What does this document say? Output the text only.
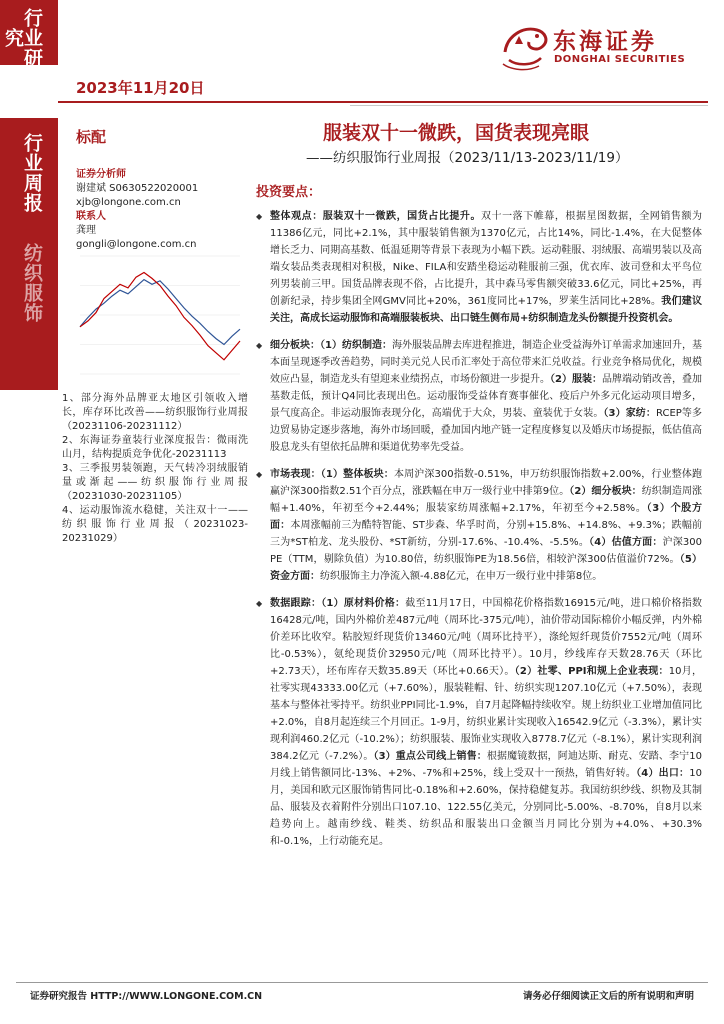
行业研究
行业周报
纺织服饰
2023年11月20日
东海证券
DONGHAI SECURITIES
标配
证券分析师
谢建斌 S0630522020001
xjb@longone.com.cn
联系人
龚理
gongli@longone.com.cn

1、部分海外品牌亚太地区引领收入增长，库存环比改善——纺织服饰行业周报（20231106-20231112）

2、东海证券童装行业深度报告：微雨洗山月，结构提质竞争优化-20231113

3、三季报男装领跑，天气转冷羽绒服销量或渐起——纺织服饰行业周报（20231030-20231105）

4、运动服饰流水稳健，关注双十一——纺织服饰行业周报（20231023-20231029）

服装双十一微跌，国货表现亮眼
——纺织服饰行业周报（2023/11/13-2023/11/19）
投资要点：
◆ 整体观点：服装双十一微跌，国货占比提升。双十一落下帷幕，根据星图数据，全网销售额为11386亿元，同比+2.1%，其中服装销售额为1370亿元，占比14%，同比-1.4%，在大促整体增长乏力、同期高基数、低温延期等背景下表现为小幅下跌。运动鞋服、羽绒服、高端男装以及高端女装品类表现相对积极，Nike、FILA和安踏坐稳运动鞋服前三强，优衣库、波司登和太平鸟位列男装前三甲。国货品牌表现不俗，占比提升，其中森马零售额突破33.6亿元，同比+25%，再创新纪录，持步集团全网GMV同比+20%，361度同比+17%，罗莱生活同比+28%。我们建议关注，高成长运动服饰和高端服装板块、出口链生侧布局+纺织制造龙头份额提升投资机会。
◆ 细分板块：（1）纺织制造：海外服装品牌去库进程推进，制造企业受益海外订单需求加速回升，基本面呈现逐季改善趋势，同时美元兑人民币汇率处于高位带来汇兑收益。行业竞争格局优化，规模效应凸显，制造龙头有望迎来业绩拐点，市场份额进一步提升。（2）服装：品牌端动销改善，叠加基数走低，预计Q4同比表现出色。运动服饰受益体育赛事催化、疫后户外多元化运动项目增多，景气度高企。非运动服饰表现分化，高端优于大众，男装、童装优于女装。（3）家纺：RCEP等多边贸易协定逐步落地，海外市场回暖，叠加国内地产链一定程度修复以及婚庆市场提振，低估值高股息龙头有望依托品牌和渠道优势率先受益。
◆ 市场表现：（1）整体板块：本周沪深300指数-0.51%，申万纺织服饰指数+2.00%，行业整体跑赢沪深300指数2.51个百分点，涨跌幅在申万一级行业中排第9位。（2）细分板块：纺织制造周涨幅+1.40%，年初至今+2.44%；服装家纺周涨幅+2.17%，年初至今+2.58%。（3）个股方面：本周涨幅前三为酷特智能、ST步森、华孚时尚，分别+15.8%、+14.8%、+9.3%；跌幅前三为*ST柏龙、龙头股份、*ST新纺，分别-17.6%、-10.4%、-5.5%。（4）估值方面：沪深300 PE（TTM，剔除负值）为10.80倍，纺织服饰PE为18.56倍，相较沪深300估值溢价72%。（5）资金方面：纺织服饰主力净流入额-4.88亿元，在申万一级行业中排第8位。
◆ 数据跟踪：（1）原材料价格：截至11月17日，中国棉花价格指数16915元/吨，进口棉价格指数16428元/吨，国内外棉价差487元/吨（周环比-375元/吨），油价带动国际棉价小幅反弹，内外棉价差环比收窄。粘胶短纤现货价13460元/吨（周环比持平），涤纶短纤现货价7552元/吨（周环比-0.53%），氨纶现货价32950元/吨（周环比持平）。10月，纱线库存天数28.76天（环比+2.73天），坯布库存天数35.89天（环比+0.66天）。（2）社零、PPI和规上企业表现：10月，社零实现43333.00亿元（+7.60%），服装鞋帽、针、纺织实现1207.10亿元（+7.50%），表现基本与整体社零持平。纺织业PPI同比-1.9%，自7月起降幅持续收窄。规上纺织业工业增加值同比+2.0%，自8月起连续三个月回正。1-9月，纺织业累计实现收入16542.9亿元（-3.3%），累计实现利润460.2亿元（-10.2%）；纺织服装、服饰业实现收入8778.7亿元（-8.1%），累计实现利润384.2亿元（-7.2%）。（3）重点公司线上销售：根据魔镜数据，阿迪达斯、耐克、安踏、李宁10月线上销售额同比-13%、+2%、-7%和+25%，线上受双十一预热，销售好转。（4）出口：10月，美国和欧元区服饰销售同比-0.18%和+2.60%，保持稳健复苏。我国纺织纱线、织物及其制品、服装及衣着附件分别出口107.10、122.55亿美元，分别同比-5.00%、-8.70%，自8月以来趋势向上。越南纱线、鞋类、纺织品和服装出口金额当月同比分别为+4.0%、+30.3%和-0.1%，上行动能充足。
证券研究报告 HTTP://WWW.LONGONE.COM.CN	请务必仔细阅读正文后的所有说明和声明
